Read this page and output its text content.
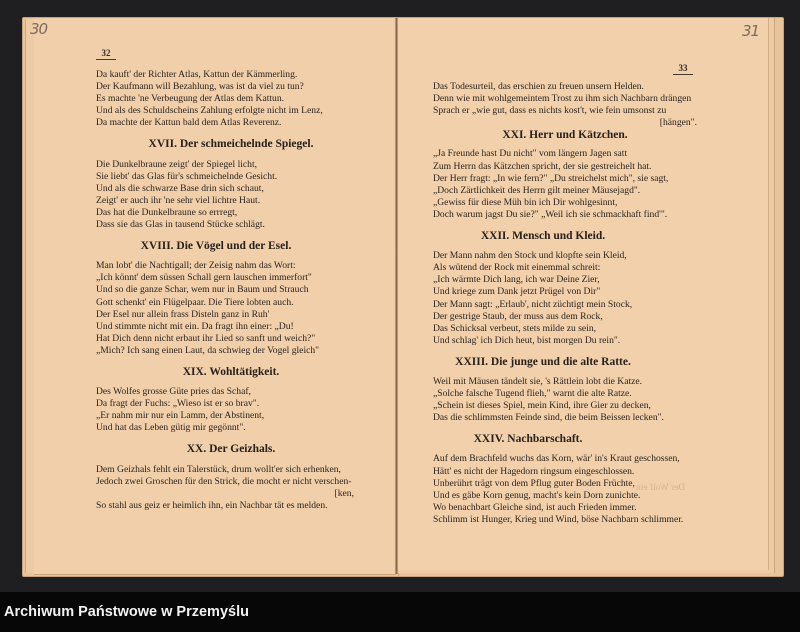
30
32
Da kauft' der Richter Atlas, Kattun der Kämmerling.
Der Kaufmann will Bezahlung, was ist da viel zu tun?
Es machte 'ne Verbeugung der Atlas dem Kattun.
Und als des Schuldscheins Zahlung erfolgte nicht im Lenz,
Da machte der Kattun bald dem Atlas Reverenz.
XVII. Der schmeichelnde Spiegel.
Die Dunkelbraune zeigt' der Spiegel licht,
Sie liebt' das Glas für's schmeichelnde Gesicht.
Und als die schwarze Base drin sich schaut,
Zeigt' er auch ihr 'ne sehr viel lichtre Haut.
Das hat die Dunkelbraune so errregt,
Dass sie das Glas in tausend Stücke schlägt.
XVIII. Die Vögel und der Esel.
Man lobt' die Nachtigall; der Zeisig nahm das Wort:
„Ich könnt' dem süssen Schall gern lauschen immerfort"
Und so die ganze Schar, wem nur in Baum und Strauch
Gott schenkt' ein Flügelpaar. Die Tiere lobten auch.
Der Esel nur allein frass Disteln ganz in Ruh'
Und stimmte nicht mit ein. Da fragt ihn einer: „Du!
Hat Dich denn nicht erbaut ihr Lied so sanft und weich?"
„Mich? Ich sang einen Laut, da schwieg der Vogel gleich"
XIX. Wohltätigkeit.
Des Wolfes grosse Güte pries das Schaf,
Da fragt der Fuchs: „Wieso ist er so brav".
„Er nahm mir nur ein Lamm, der Abstinent,
Und hat das Leben gütig mir gegönnt".
XX. Der Geizhals.
Dem Geizhals fehlt ein Talerstück, drum wollt'er sich erhenken,
Jedoch zwei Groschen für den Strick, die mocht er nicht verschen-
[ken,
So stahl aus geiz er heimlich ihn, ein Nachbar tät es melden.
31
33
Der Wolf ein
Das Todesurteil, das erschien zu freuen unsern Helden.
Denn wie mit wohlgemeintem Trost zu ihm sich Nachbarn drängen
Sprach er „wie gut, dass es nichts kost't, wie fein umsonst zu
[hängen".
XXI. Herr und Kätzchen.
„Ja Freunde hast Du nicht" vom längern Jagen satt
Zum Herrn das Kätzchen spricht, der sie gestreichelt hat.
Der Herr fragt: „In wie fern?" „Du streichelst mich", sie sagt,
„Doch Zärtlichkeit des Herrn gilt meiner Mäusejagd".
„Gewiss für diese Müh bin ich Dir wohlgesinnt,
Doch warum jagst Du sie?" „Weil ich sie schmackhaft find'".
XXII. Mensch und Kleid.
Der Mann nahm den Stock und klopfte sein Kleid,
Als wütend der Rock mit einemmal schreit:
„Ich wärmte Dich lang, ich war Deine Zier,
Und kriege zum Dank jetzt Prügel von Dir"
Der Mann sagt: „Erlaub', nicht züchtigt mein Stock,
Der gestrige Staub, der muss aus dem Rock,
Das Schicksal verbeut, stets milde zu sein,
Und schlag' ich Dich heut, bist morgen Du rein".
XXIII. Die junge und die alte Ratte.
Weil mit Mäusen tändelt sie, 's Rättlein lobt die Katze.
„Solche falsche Tugend flieh," warnt die alte Ratze.
„Schein ist dieses Spiel, mein Kind, ihre Gier zu decken,
Das die schlimmsten Feinde sind, die beim Beissen lecken".
XXIV. Nachbarschaft.
Auf dem Brachfeld wuchs das Korn, wär' in's Kraut geschossen,
Hätt' es nicht der Hagedorn ringsum eingeschlossen.
Unberührt trägt von dem Pflug guter Boden Früchte,
Und es gäbe Korn genug, macht's kein Dorn zunichte.
Wo benachbart Gleiche sind, ist auch Frieden immer.
Schlimm ist Hunger, Krieg und Wind, böse Nachbarn schlimmer.
Archiwum Państwowe w Przemyślu
